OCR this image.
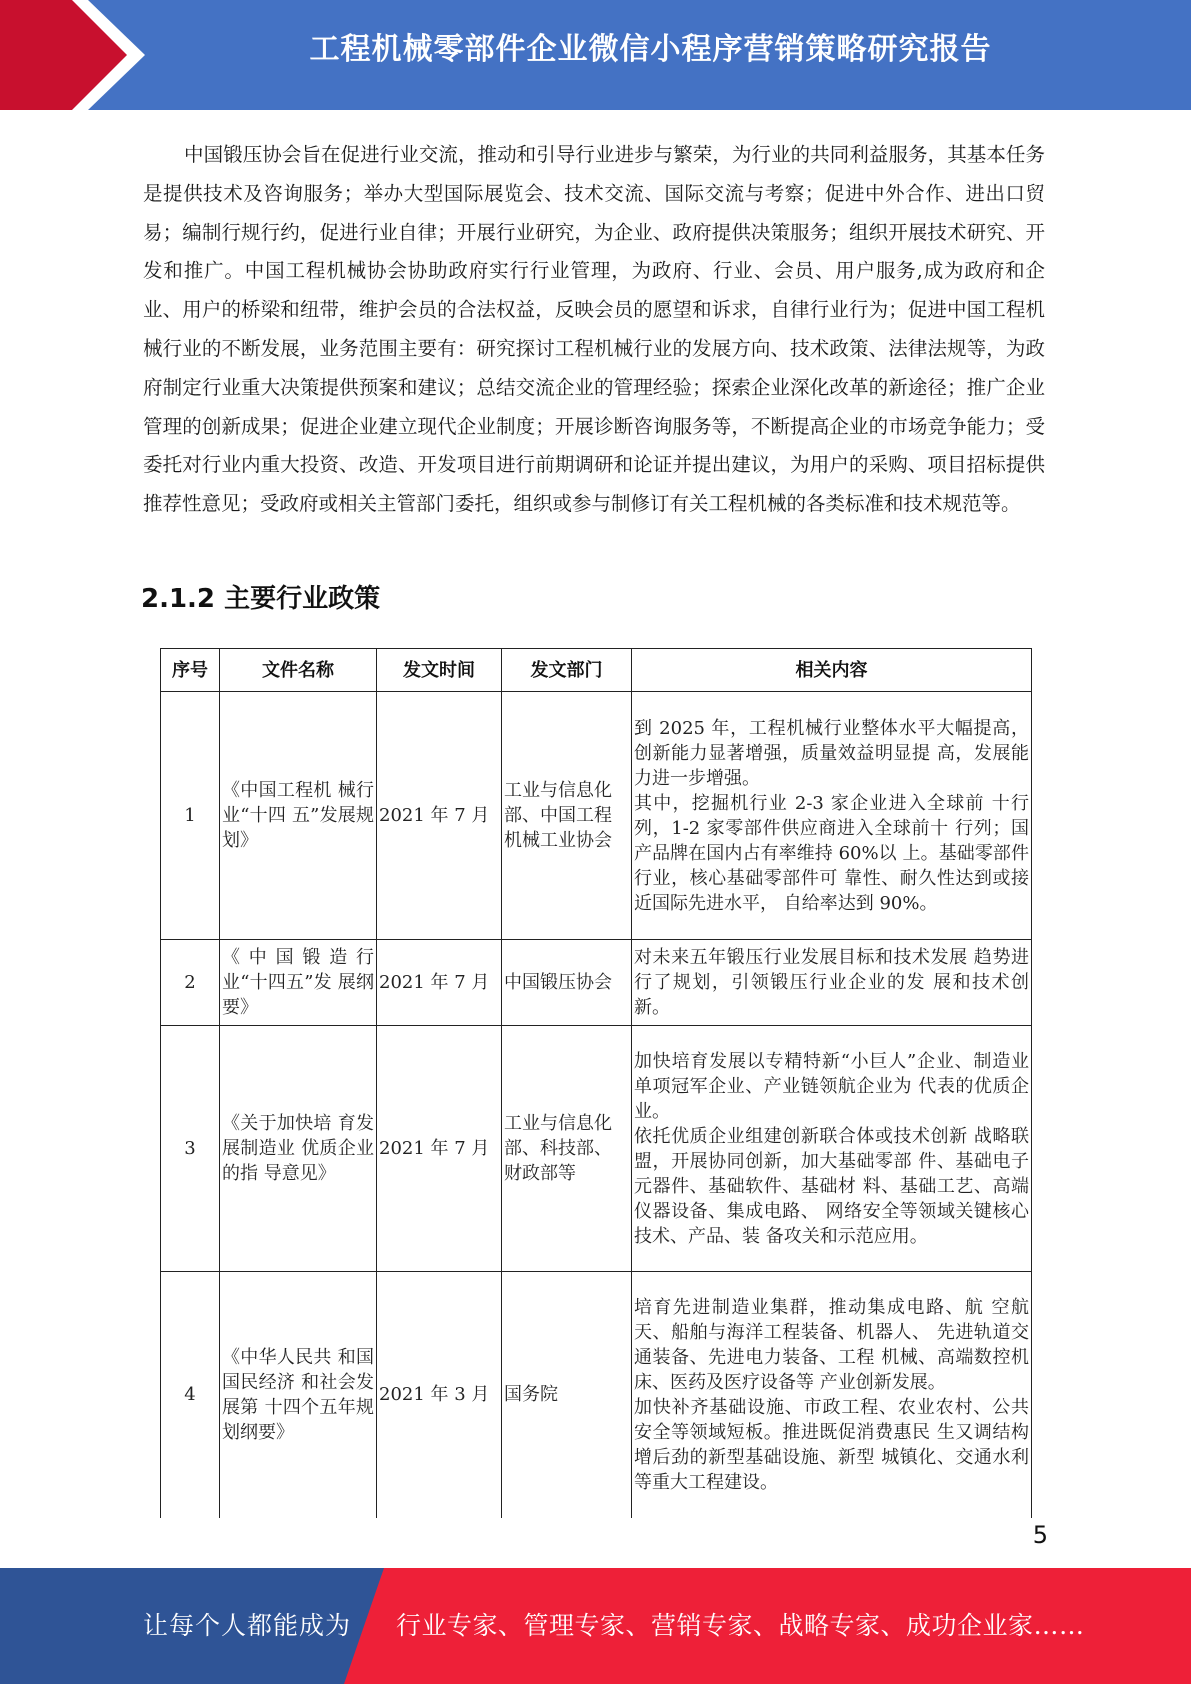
工程机械零部件企业微信小程序营销策略研究报告

中国锻压协会旨在促进行业交流，推动和引导行业进步与繁荣，为行业的共同利益服务，其基本任务是提供技术及咨询服务；举办大型国际展览会、技术交流、国际交流与考察；促进中外合作、进出口贸易；编制行规行约，促进行业自律；开展行业研究，为企业、政府提供决策服务；组织开展技术研究、开发和推广。中国工程机械协会协助政府实行行业管理，为政府、行业、会员、用户服务,成为政府和企业、用户的桥梁和纽带，维护会员的合法权益，反映会员的愿望和诉求，自律行业行为；促进中国工程机械行业的不断发展，业务范围主要有：研究探讨工程机械行业的发展方向、技术政策、法律法规等，为政府制定行业重大决策提供预案和建议；总结交流企业的管理经验；探索企业深化改革的新途径；推广企业管理的创新成果；促进企业建立现代企业制度；开展诊断咨询服务等，不断提高企业的市场竞争能力；受委托对行业内重大投资、改造、开发项目进行前期调研和论证并提出建议，为用户的采购、项目招标提供推荐性意见；受政府或相关主管部门委托，组织或参与制修订有关工程机械的各类标准和技术规范等。

2.1.2 主要行业政策
序号	文件名称	发文时间	发文部门	相关内容
1	《中国工程机 械行业“十四 五”发展规划》	2021 年 7 月	工业与信息化部、中国工程机械工业协会	到 2025 年，工程机械行业整体水平大幅提高，创新能力显著增强，质量效益明显提 高，发展能力进一步增强。
其中，挖掘机行业 2-3 家企业进入全球前 十行列，1-2 家零部件供应商进入全球前十 行列；国产品牌在国内占有率维持 60%以 上。基础零部件行业，核心基础零部件可 靠性、耐久性达到或接近国际先进水平， 自给率达到 90%。

2	《中国锻造行 业“十四五”发 展纲要》	2021 年 7 月	中国锻压协会	对未来五年锻压行业发展目标和技术发展 趋势进行了规划，引领锻压行业企业的发 展和技术创新。

3	《关于加快培 育发展制造业 优质企业的指 导意见》	2021 年 7 月	工业与信息化部、科技部、财政部等	加快培育发展以专精特新“小巨人”企业、制造业单项冠军企业、产业链领航企业为 代表的优质企业。
依托优质企业组建创新联合体或技术创新 战略联盟，开展协同创新，加大基础零部 件、基础电子元器件、基础软件、基础材 料、基础工艺、高端仪器设备、集成电路、 网络安全等领域关键核心技术、产品、装 备攻关和示范应用。

4	《中华人民共 和国国民经济 和社会发展第 十四个五年规 划纲要》	2021 年 3 月	国务院	培育先进制造业集群，推动集成电路、航 空航天、船舶与海洋工程装备、机器人、 先进轨道交通装备、先进电力装备、工程 机械、高端数控机床、医药及医疗设备等 产业创新发展。
加快补齐基础设施、市政工程、农业农村、公共安全等领域短板。推进既促消费惠民 生又调结构增后劲的新型基础设施、新型 城镇化、交通水利等重大工程建设。
5
让每个人都能成为 行业专家、管理专家、营销专家、战略专家、成功企业家……
